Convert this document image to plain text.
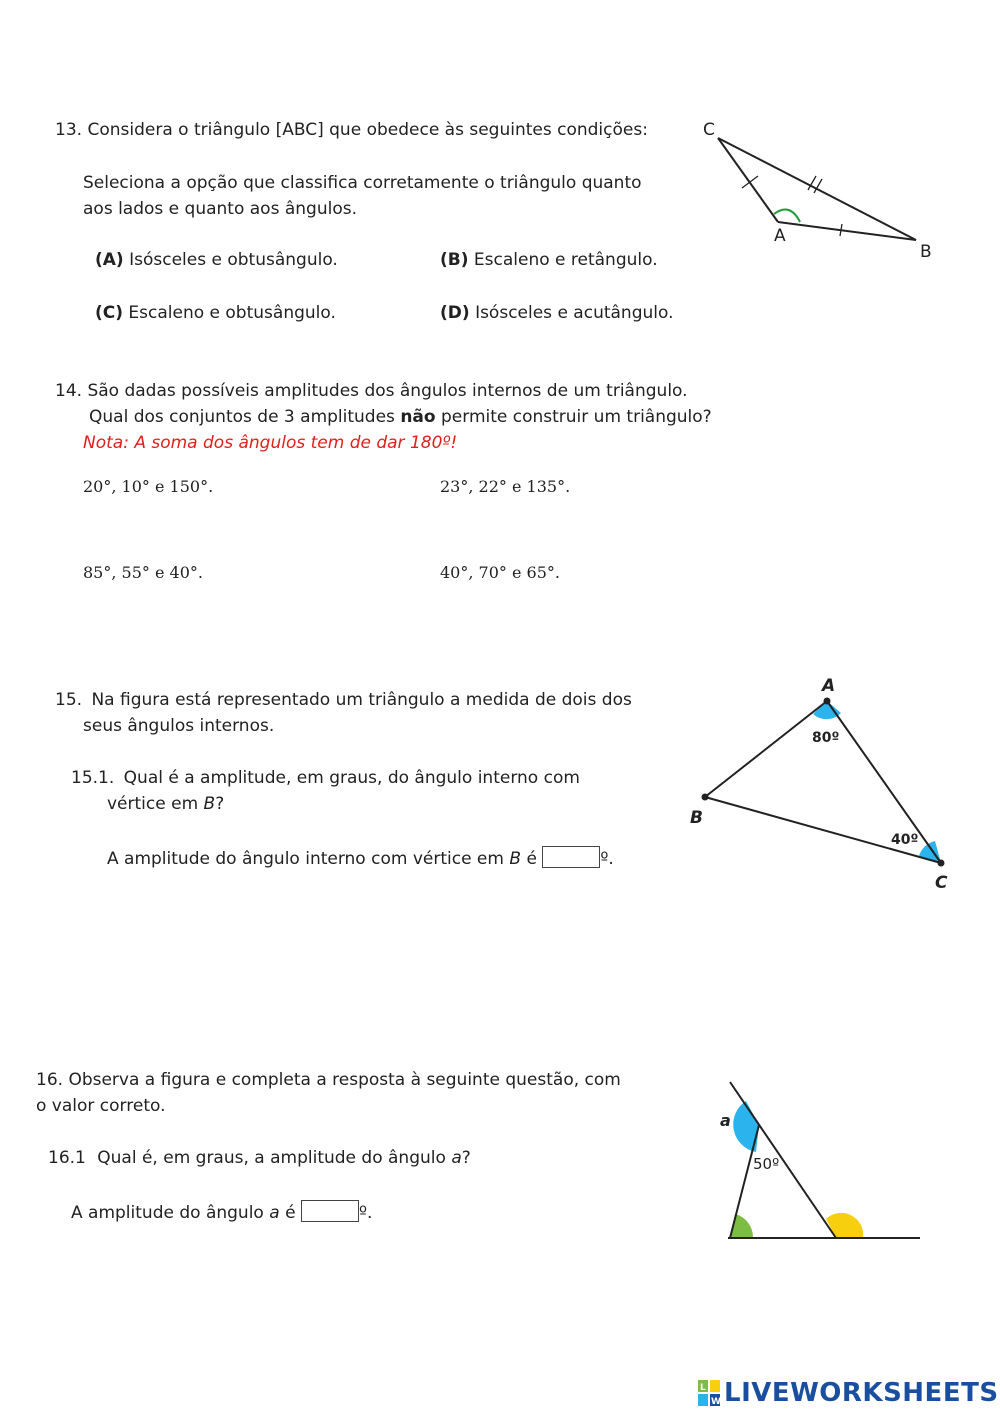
13. Considera o triângulo [ABC] que obedece às seguintes condições:
Seleciona a opção que classifica corretamente o triângulo quanto
aos lados e quanto aos ângulos.
(A) Isósceles e obtusângulo.	(B) Escaleno e retângulo.
(C) Escaleno e obtusângulo.	(D) Isósceles e acutângulo.
C
A
B
14. São dadas possíveis amplitudes dos ângulos internos de um triângulo.
Qual dos conjuntos de 3 amplitudes não permite construir um triângulo?
Nota: A soma dos ângulos tem de dar 180º!
20°, 10° e 150°.	23°, 22° e 135°.
85°, 55° e 40°.	40°, 70° e 65°.
15. Na figura está representado um triângulo a medida de dois dos
seus ângulos internos.
15.1. Qual é a amplitude, em graus, do ângulo interno com
vértice em B?
A amplitude do ângulo interno com vértice em B é	º.
A
B
C
80º
40º
16. Observa a figura e completa a resposta à seguinte questão, com
o valor correto.
16.1 Qual é, em graus, a amplitude do ângulo a?
A amplitude do ângulo a é	º.
a
50º
L
W LIVEWORKSHEETS
